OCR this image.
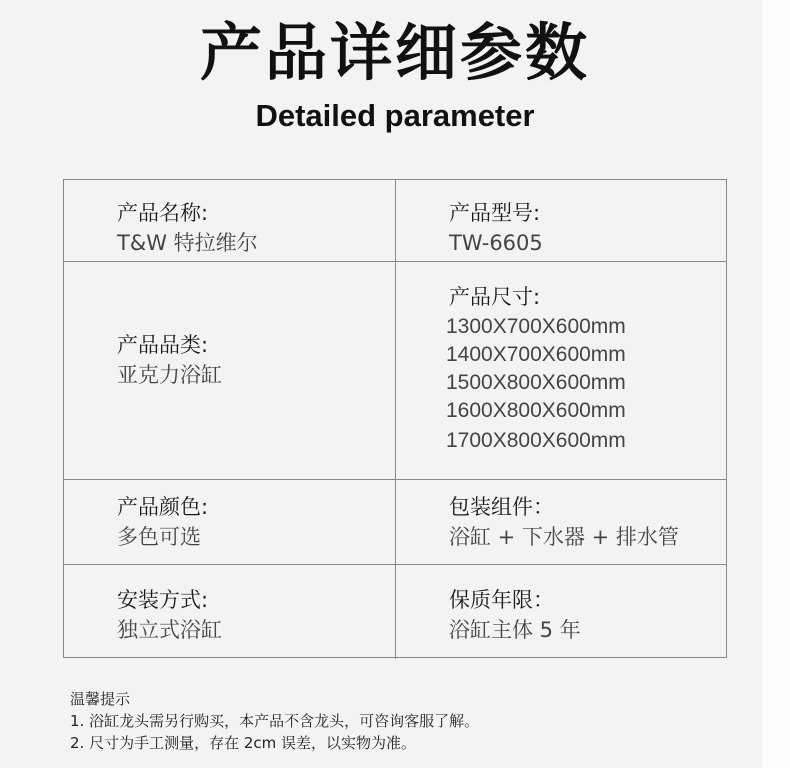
产品详细参数
Detailed parameter
产品名称:
T&W 特拉维尔
产品型号:
TW-6605
产品品类:
亚克力浴缸
产品尺寸:
1300X700X600mm
1400X700X600mm
1500X800X600mm
1600X800X600mm
1700X800X600mm
产品颜色:
多色可选
包装组件：
浴缸 + 下水器 + 排水管
安装方式:
独立式浴缸
保质年限：
浴缸主体 5 年
温馨提示
1. 浴缸龙头需另行购买，本产品不含龙头，可咨询客服了解。
2. 尺寸为手工测量，存在 2cm 误差，以实物为准。
